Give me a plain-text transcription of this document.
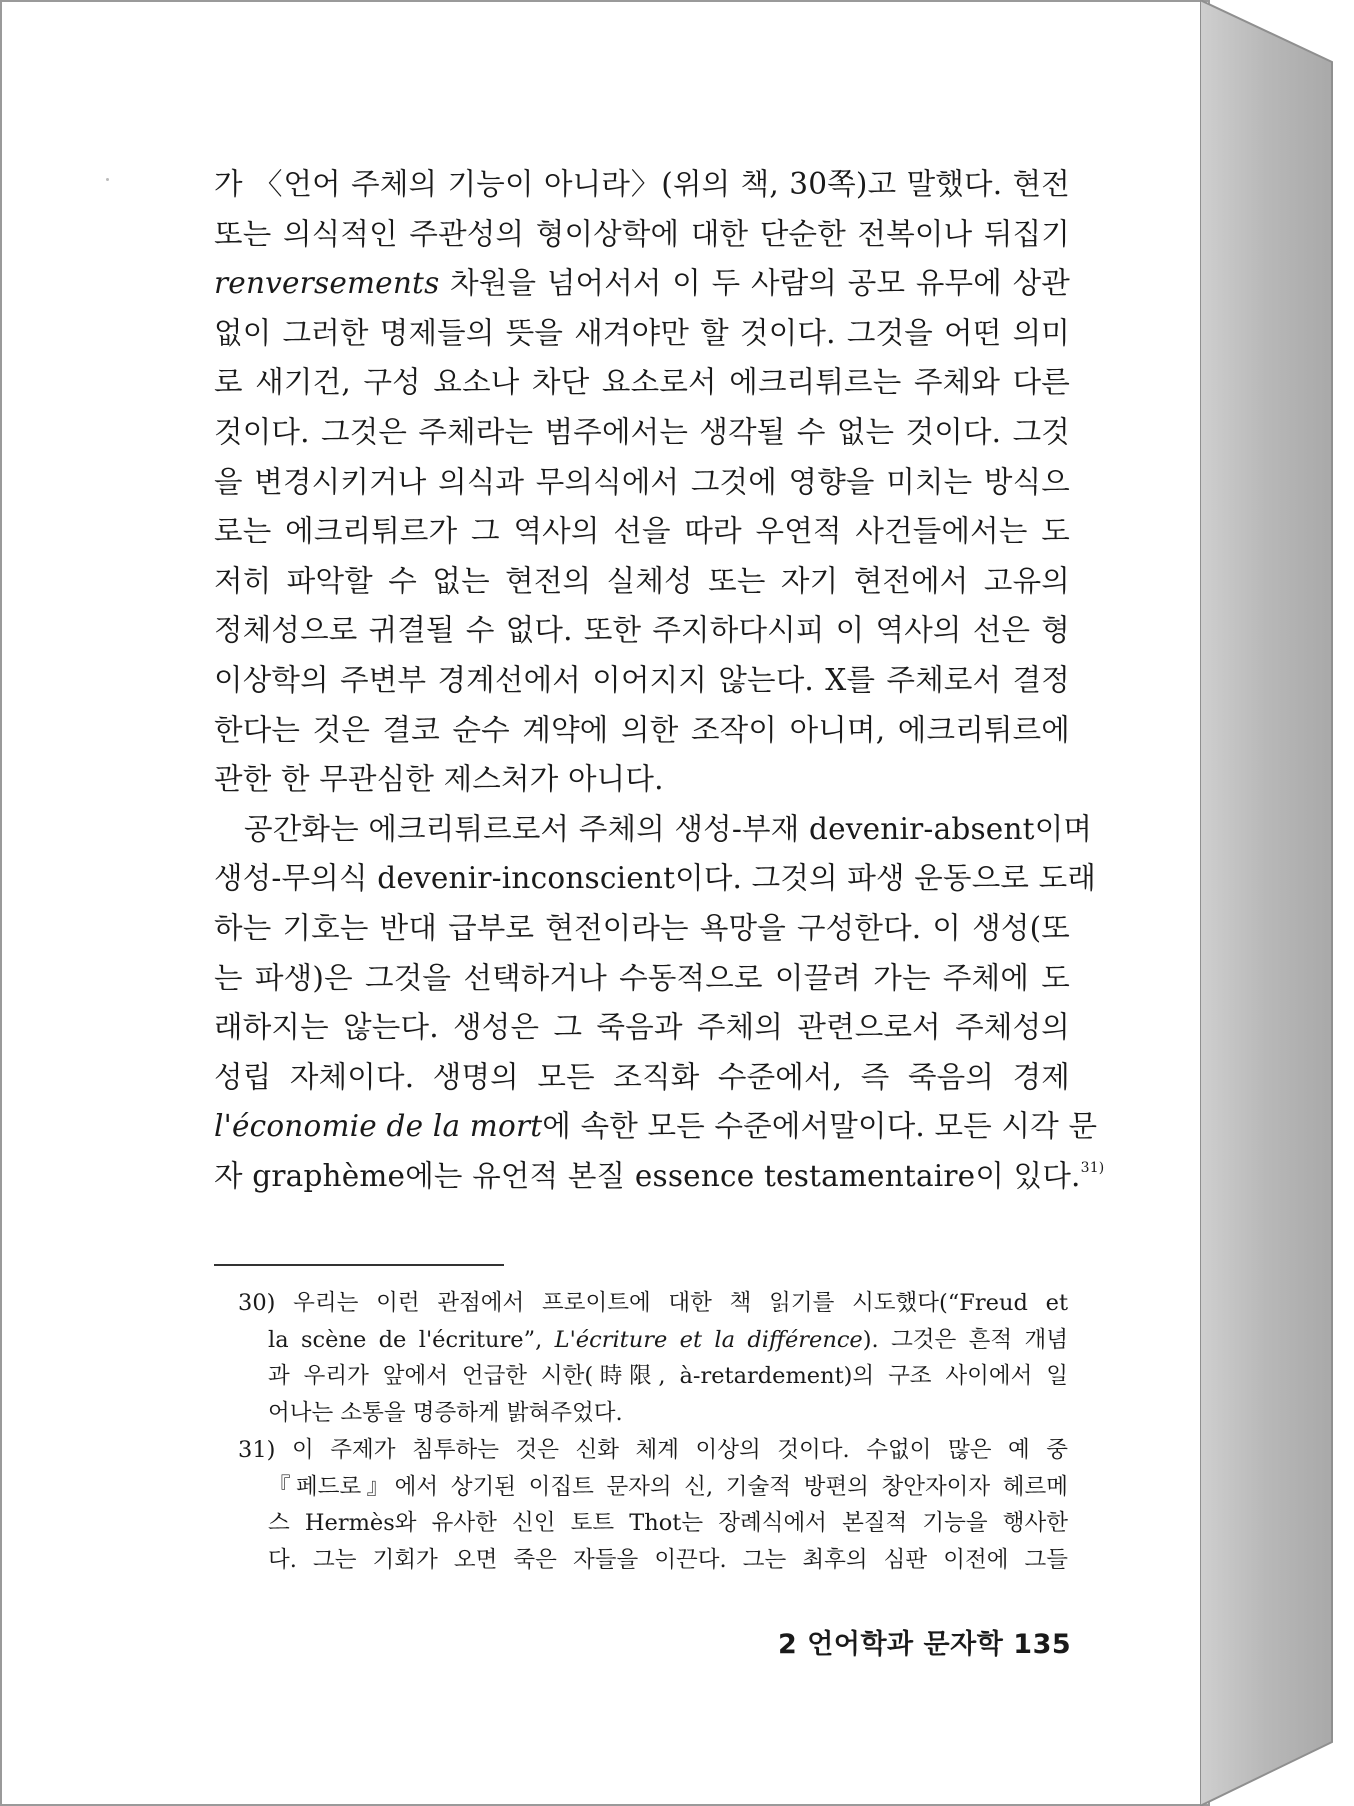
가 〈언어 주체의 기능이 아니라〉(위의 책, 30쪽)고 말했다. 현전
또는 의식적인 주관성의 형이상학에 대한 단순한 전복이나 뒤집기
renversements 차원을 넘어서서 이 두 사람의 공모 유무에 상관
없이 그러한 명제들의 뜻을 새겨야만 할 것이다. 그것을 어떤 의미
로 새기건, 구성 요소나 차단 요소로서 에크리튀르는 주체와 다른
것이다. 그것은 주체라는 범주에서는 생각될 수 없는 것이다. 그것
을 변경시키거나 의식과 무의식에서 그것에 영향을 미치는 방식으
로는 에크리튀르가 그 역사의 선을 따라 우연적 사건들에서는 도
저히 파악할 수 없는 현전의 실체성 또는 자기 현전에서 고유의
정체성으로 귀결될 수 없다. 또한 주지하다시피 이 역사의 선은 형
이상학의 주변부 경계선에서 이어지지 않는다. X를 주체로서 결정
한다는 것은 결코 순수 계약에 의한 조작이 아니며, 에크리튀르에
관한 한 무관심한 제스처가 아니다.
공간화는 에크리튀르로서 주체의 생성-부재 devenir-absent이며
생성-무의식 devenir-inconscient이다. 그것의 파생 운동으로 도래
하는 기호는 반대 급부로 현전이라는 욕망을 구성한다. 이 생성(또
는 파생)은 그것을 선택하거나 수동적으로 이끌려 가는 주체에 도
래하지는 않는다. 생성은 그 죽음과 주체의 관련으로서 주체성의
성립 자체이다. 생명의 모든 조직화 수준에서, 즉 죽음의 경제
l'économie de la mort에 속한 모든 수준에서말이다. 모든 시각 문
자 graphème에는 유언적 본질 essence testamentaire이 있다.$^{31)}$
30) 우리는 이런 관점에서 프로이트에 대한 책 읽기를 시도했다(“Freud et
la scène de l'écriture”, L'écriture et la différence). 그것은 흔적 개념
과 우리가 앞에서 언급한 시한(時限, à-retardement)의 구조 사이에서 일
어나는 소통을 명증하게 밝혀주었다.
31) 이 주제가 침투하는 것은 신화 체계 이상의 것이다. 수없이 많은 예 중
『페드로』에서 상기된 이집트 문자의 신, 기술적 방편의 창안자이자 헤르메
스 Hermès와 유사한 신인 토트 Thot는 장례식에서 본질적 기능을 행사한
다. 그는 기회가 오면 죽은 자들을 이끈다. 그는 최후의 심판 이전에 그들
2 언어학과 문자학 135
